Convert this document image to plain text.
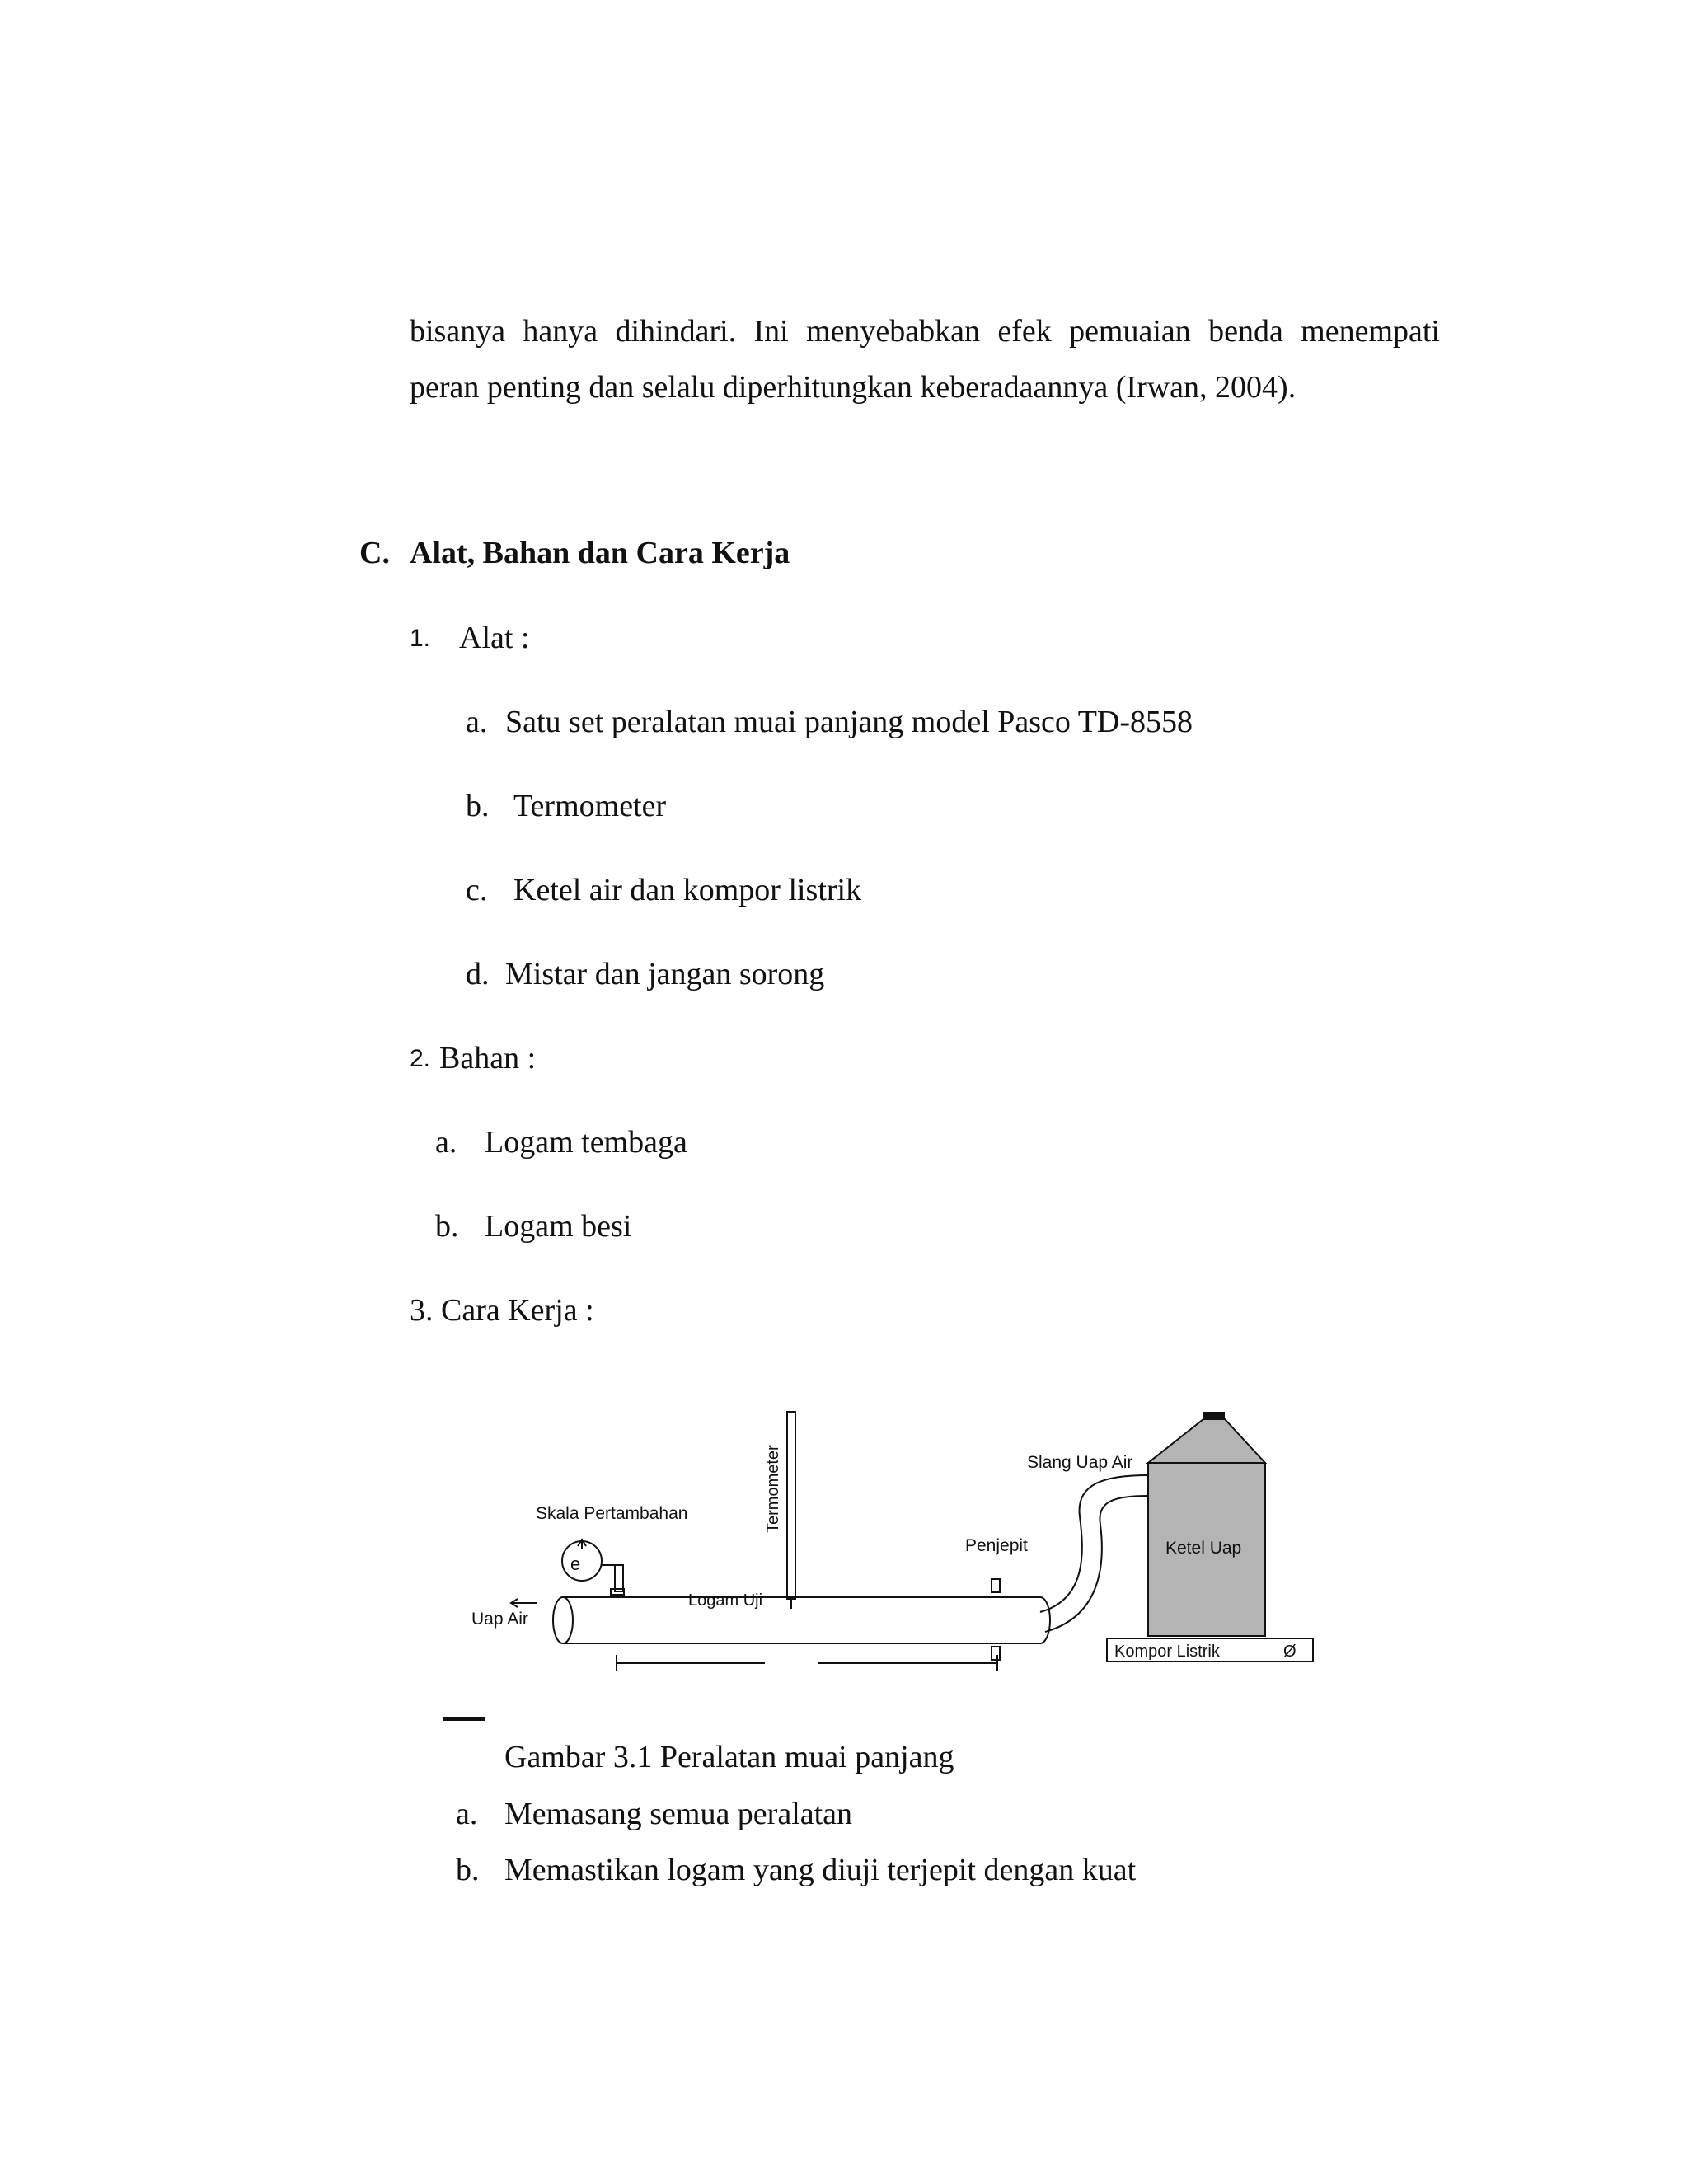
bisanya hanya dihindari. Ini menyebabkan efek pemuaian benda menempati
peran penting dan selalu diperhitungkan keberadaannya (Irwan, 2004).

C. Alat, Bahan dan Cara Kerja

1. Alat :

a. Satu set peralatan muai panjang model Pasco TD-8558

b. Termometer

c. Ketel air dan kompor listrik

d. Mistar dan jangan sorong

2. Bahan :

a. Logam tembaga

b. Logam besi

3. Cara Kerja :

Termometer	Slang Uap Air
Skala Pertambahan
e
Penjepit	Ketel Uap
Logam Uji
Uap Air
Kompor Listrik	Ø

Gambar 3.1 Peralatan muai panjang

a. Memasang semua peralatan

b. Memastikan logam yang diuji terjepit dengan kuat
